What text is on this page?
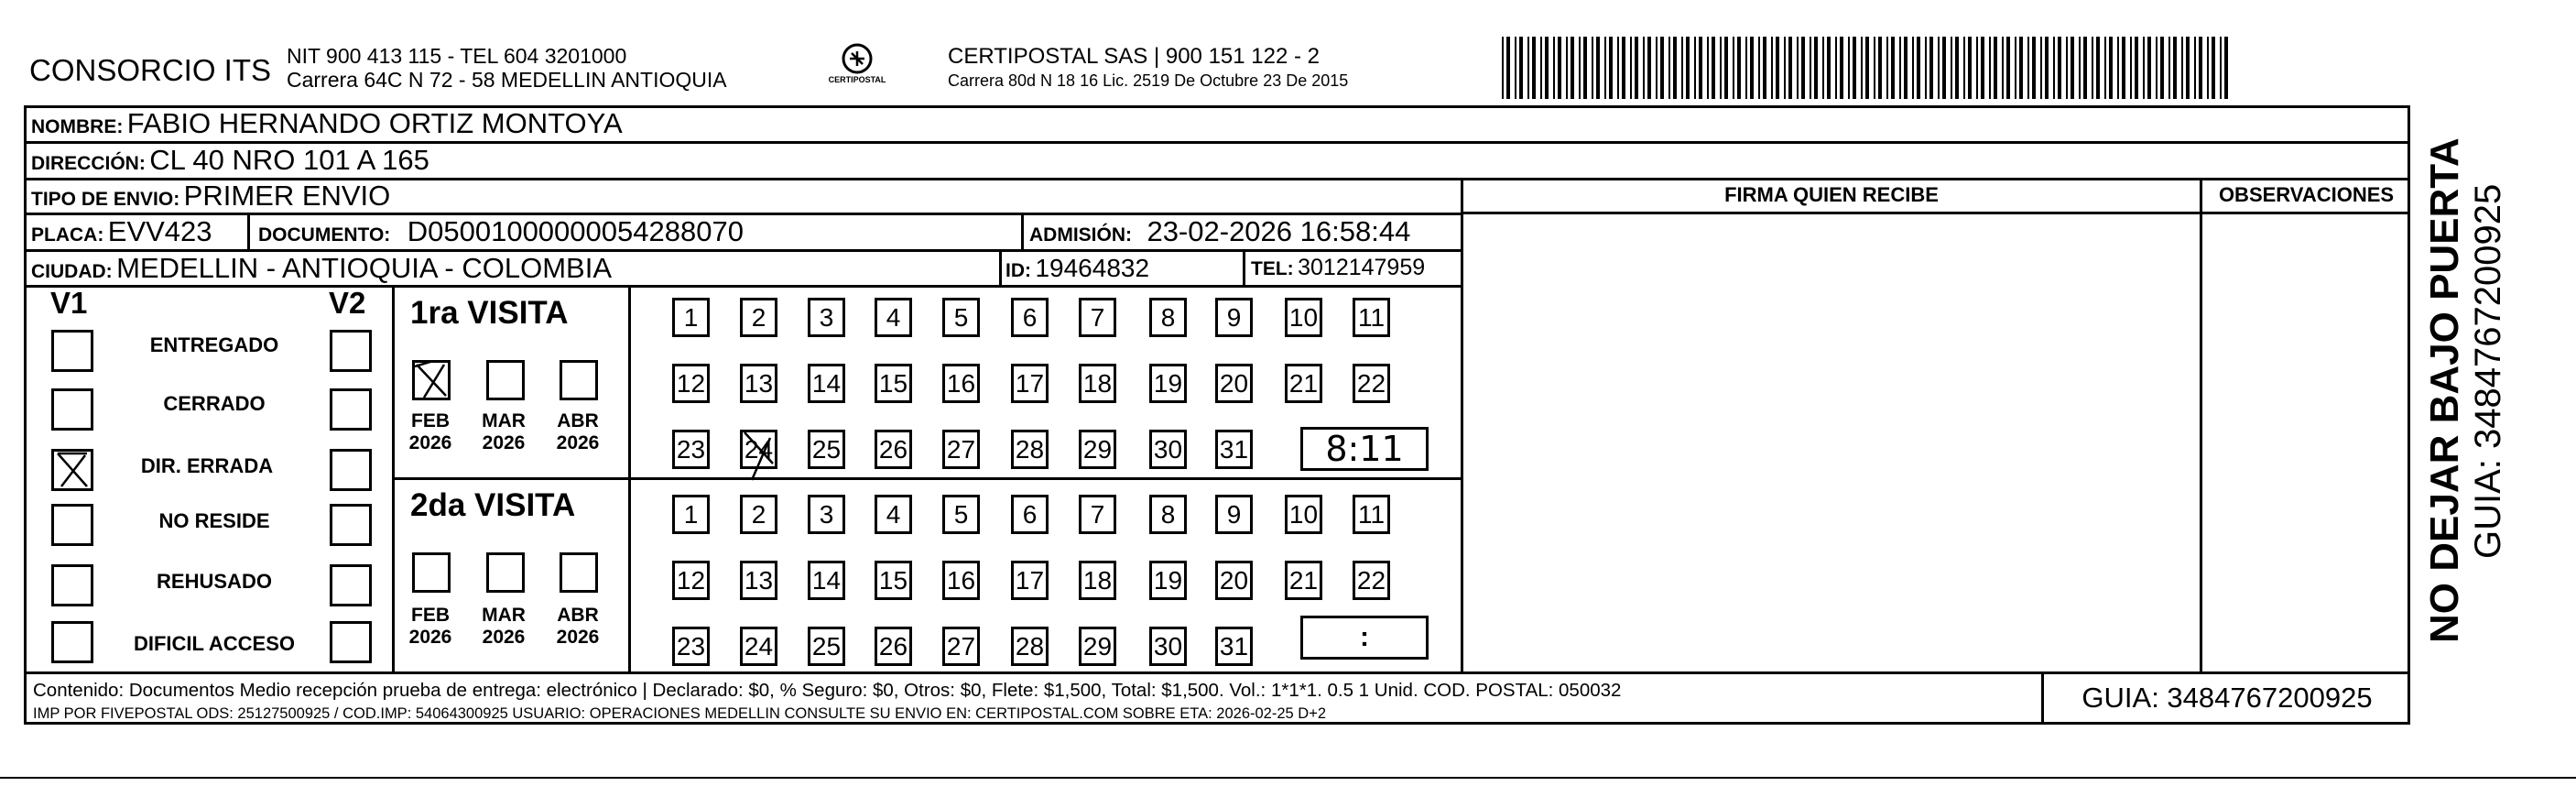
CONSORCIO ITS NIT 900 413 115 - TEL 604 3201000
Carrera 64C N 72 - 58 MEDELLIN ANTIOQUIA	CERTIPOSTAL
CERTIPOSTAL SAS | 900 151 122 - 2
Carrera 80d N 18 16 Lic. 2519 De Octubre 23 De 2015
NOMBRE: FABIO HERNANDO ORTIZ MONTOYA
DIRECCIÓN: CL 40 NRO 101 A 165
TIPO DE ENVIO: PRIMER ENVIO	FIRMA QUIEN RECIBE	OBSERVACIONES
PLACA: EVV423 DOCUMENTO: D05001000000054288070	ADMISIÓN: 23-02-2026 16:58:44
CIUDAD: MEDELLIN - ANTIOQUIA - COLOMBIA	ID: 19464832	TEL: 3012147959
V1	V2
ENTREGADO
CERRADO
DIR. ERRADA
NO RESIDE
REHUSADO
DIFICIL ACCESO
1ra VISITA
FEB
2026
MAR
2026
ABR
2026
1	2	3	4	5	6	7	8	9	10 11
12 13 14 15 16 17 18 19 20 21 22
23 24 25 26 27 28 29 30 31	8:11
2da VISITA
FEB
2026
MAR
2026
ABR
2026
1	2	3	4	5	6	7	8	9	10 11
12 13 14 15 16 17 18 19 20 21 22
23 24 25 26 27 28 29 30 31	:
Contenido: Documentos Medio recepción prueba de entrega: electrónico | Declarado: $0, % Seguro: $0, Otros: $0, Flete: $1,500, Total: $1,500. Vol.: 1*1*1. 0.5 1 Unid. COD. POSTAL: 050032
IMP POR FIVEPOSTAL ODS: 25127500925 / COD.IMP: 54064300925 USUARIO: OPERACIONES MEDELLIN CONSULTE SU ENVIO EN: CERTIPOSTAL.COM SOBRE ETA: 2026-02-25 D+2	GUIA: 3484767200925
NO DEJAR BAJO PUERTA GUIA: 3484767200925
